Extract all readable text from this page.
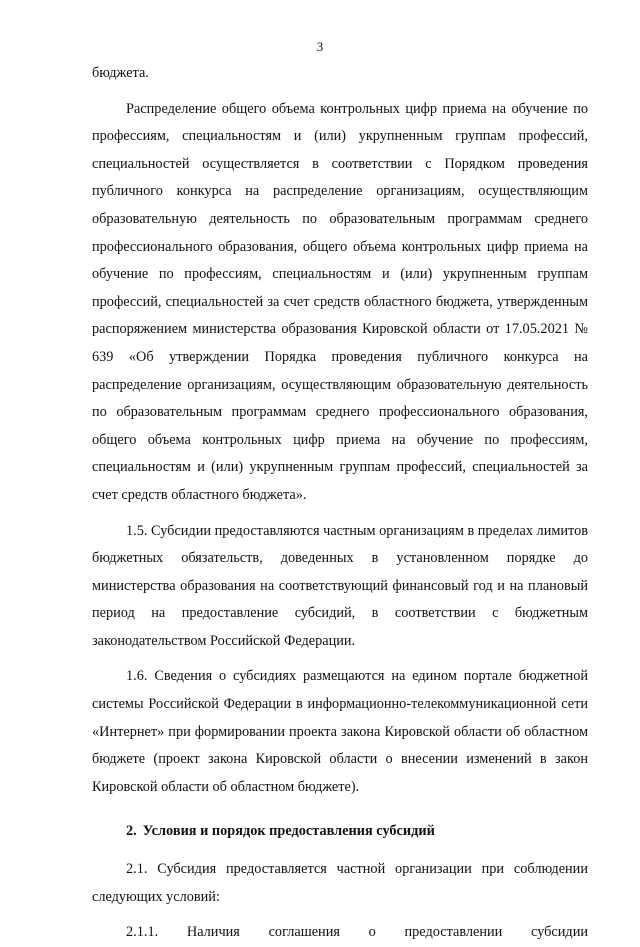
3

бюджета.

Распределение общего объема контрольных цифр приема на обучение по профессиям, специальностям и (или) укрупненным группам профессий, специальностей осуществляется в соответствии с Порядком проведения публичного конкурса на распределение организациям, осуществляющим образовательную деятельность по образовательным программам среднего профессионального образования, общего объема контрольных цифр приема на обучение по профессиям, специальностям и (или) укрупненным группам профессий, специальностей за счет средств областного бюджета, утвержденным распоряжением министерства образования Кировской области от 17.05.2021 № 639 «Об утверждении Порядка проведения публичного конкурса на распределение организациям, осуществляющим образовательную деятельность по образовательным программам среднего профессионального образования, общего объема контрольных цифр приема на обучение по профессиям, специальностям и (или) укрупненным группам профессий, специальностей за счет средств областного бюджета».

1.5. Субсидии предоставляются частным организациям в пределах лимитов бюджетных обязательств, доведенных в установленном порядке до министерства образования на соответствующий финансовый год и на плановый период на предоставление субсидий, в соответствии с бюджетным законодательством Российской Федерации.

1.6. Сведения о субсидиях размещаются на едином портале бюджетной системы Российской Федерации в информационно-телекоммуникационной сети «Интернет» при формировании проекта закона Кировской области об областном бюджете (проект закона Кировской области о внесении изменений в закон Кировской области об областном бюджете).

2. Условия и порядок предоставления субсидий

2.1. Субсидия предоставляется частной организации при соблюдении следующих условий:

2.1.1. Наличия соглашения о предоставлении субсидии
